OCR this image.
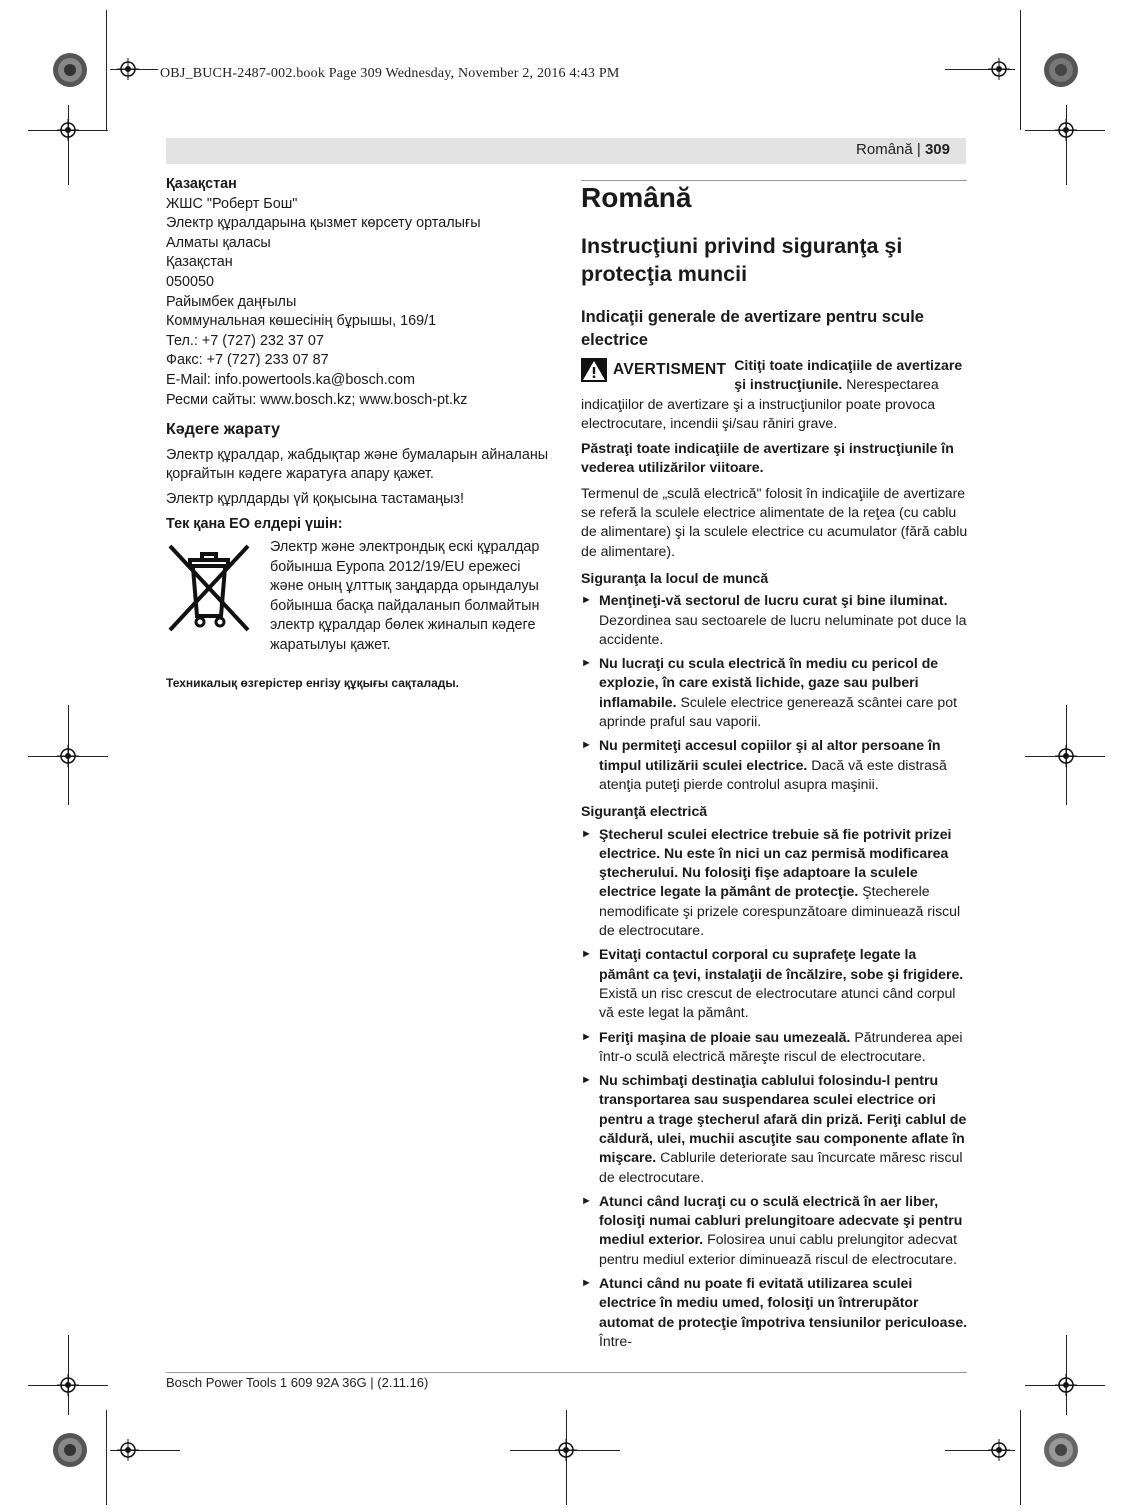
OBJ_BUCH-2487-002.book Page 309 Wednesday, November 2, 2016 4:43 PM
Română | 309
Қазақстан
ЖШС "Роберт Бош"
Электр құралдарына қызмет көрсету орталығы
Алматы қаласы
Қазақстан
050050
Райымбек даңғылы
Коммунальная көшесінің бұрышы, 169/1
Тел.: +7 (727) 232 37 07
Факс: +7 (727) 233 07 87
E-Mail: info.powertools.ka@bosch.com
Ресми сайты: www.bosch.kz; www.bosch-pt.kz
Кәдеге жарату

Электр құралдар, жабдықтар және бумаларын айналаны қорғайтын кәдеге жаратуға апару қажет.

Электр құрлдарды үй қоқысына тастамаңыз!

Тек қана ЕО елдері үшін:
Электр және электрондық ескі құралдар бойынша Еуропа 2012/19/EU ережесі және оның ұлттық заңдарда орындалуы бойынша басқа пайдаланып болмайтын электр құралдар бөлек жиналып кәдеге жаратылуы қажет.
Техникалық өзгерістер енгізу құқығы сақталады.
Română
Instrucţiuni privind siguranţa şi protecţia muncii
Indicaţii generale de avertizare pentru scule electrice
AVERTISMENT Citiţi toate indicaţiile de avertizare şi instrucţiunile. Nerespectarea indicaţiilor de avertizare şi a instrucţiunilor poate provoca electrocutare, incendii şi/sau răniri grave.

Păstraţi toate indicaţiile de avertizare şi instrucţiunile în vederea utilizărilor viitoare.

Termenul de „sculă electrică" folosit în indicaţiile de avertizare se referă la sculele electrice alimentate de la reţea (cu cablu de alimentare) şi la sculele electrice cu acumulator (fără cablu de alimentare).

Siguranţa la locul de muncă
► Menţineţi-vă sectorul de lucru curat şi bine iluminat. Dezordinea sau sectoarele de lucru neluminate pot duce la accidente.
► Nu lucraţi cu scula electrică în mediu cu pericol de explozie, în care există lichide, gaze sau pulberi inflamabile. Sculele electrice generează scântei care pot aprinde praful sau vaporii.
► Nu permiteţi accesul copiilor şi al altor persoane în timpul utilizării sculei electrice. Dacă vă este distrasă atenţia puteţi pierde controlul asupra maşinii.
Siguranţă electrică
► Ştecherul sculei electrice trebuie să fie potrivit prizei electrice. Nu este în nici un caz permisă modificarea ştecherului. Nu folosiţi fişe adaptoare la sculele electrice legate la pământ de protecţie. Ştecherele nemodificate şi prizele corespunzătoare diminuează riscul de electrocutare.
► Evitaţi contactul corporal cu suprafeţe legate la pământ ca ţevi, instalaţii de încălzire, sobe şi frigidere. Există un risc crescut de electrocutare atunci când corpul vă este legat la pământ.
► Feriţi maşina de ploaie sau umezeală. Pătrunderea apei într-o sculă electrică măreşte riscul de electrocutare.
► Nu schimbaţi destinaţia cablului folosindu-l pentru transportarea sau suspendarea sculei electrice ori pentru a trage ştecherul afară din priză. Feriţi cablul de căldură, ulei, muchii ascuţite sau componente aflate în mişcare. Cablurile deteriorate sau încurcate măresc riscul de electrocutare.
► Atunci când lucraţi cu o sculă electrică în aer liber, folosiţi numai cabluri prelungitoare adecvate şi pentru mediul exterior. Folosirea unui cablu prelungitor adecvat pentru mediul exterior diminuează riscul de electrocutare.
► Atunci când nu poate fi evitată utilizarea sculei electrice în mediu umed, folosiţi un întrerupător automat de protecţie împotriva tensiunilor periculoase. Între-
Bosch Power Tools 1 609 92A 36G | (2.11.16)
